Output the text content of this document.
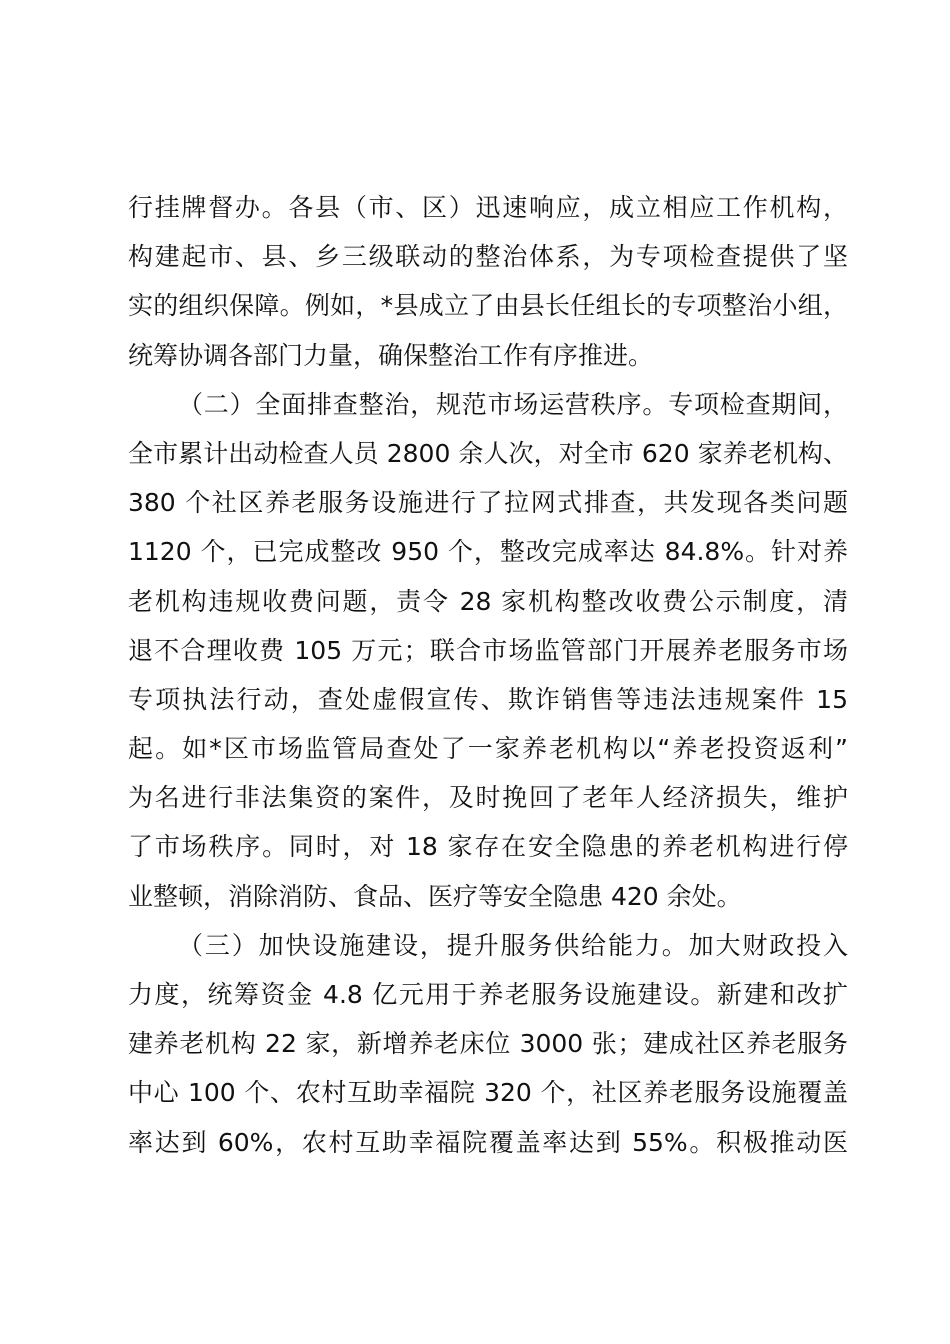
行挂牌督办。各县（市、区）迅速响应，成立相应工作机构，
构建起市、县、乡三级联动的整治体系，为专项检查提供了坚
实的组织保障。例如，*县成立了由县长任组长的专项整治小组，
统筹协调各部门力量，确保整治工作有序推进。
（二）全面排查整治，规范市场运营秩序。专项检查期间，
全市累计出动检查人员 2800 余人次，对全市 620 家养老机构、
380 个社区养老服务设施进行了拉网式排查，共发现各类问题
1120 个，已完成整改 950 个，整改完成率达 84.8%。针对养
老机构违规收费问题，责令 28 家机构整改收费公示制度，清
退不合理收费 105 万元；联合市场监管部门开展养老服务市场
专项执法行动，查处虚假宣传、欺诈销售等违法违规案件 15
起。如*区市场监管局查处了一家养老机构以“养老投资返利”
为名进行非法集资的案件，及时挽回了老年人经济损失，维护
了市场秩序。同时，对 18 家存在安全隐患的养老机构进行停
业整顿，消除消防、食品、医疗等安全隐患 420 余处。
（三）加快设施建设，提升服务供给能力。加大财政投入
力度，统筹资金 4.8 亿元用于养老服务设施建设。新建和改扩
建养老机构 22 家，新增养老床位 3000 张；建成社区养老服务
中心 100 个、农村互助幸福院 320 个，社区养老服务设施覆盖
率达到 60%，农村互助幸福院覆盖率达到 55%。积极推动医
